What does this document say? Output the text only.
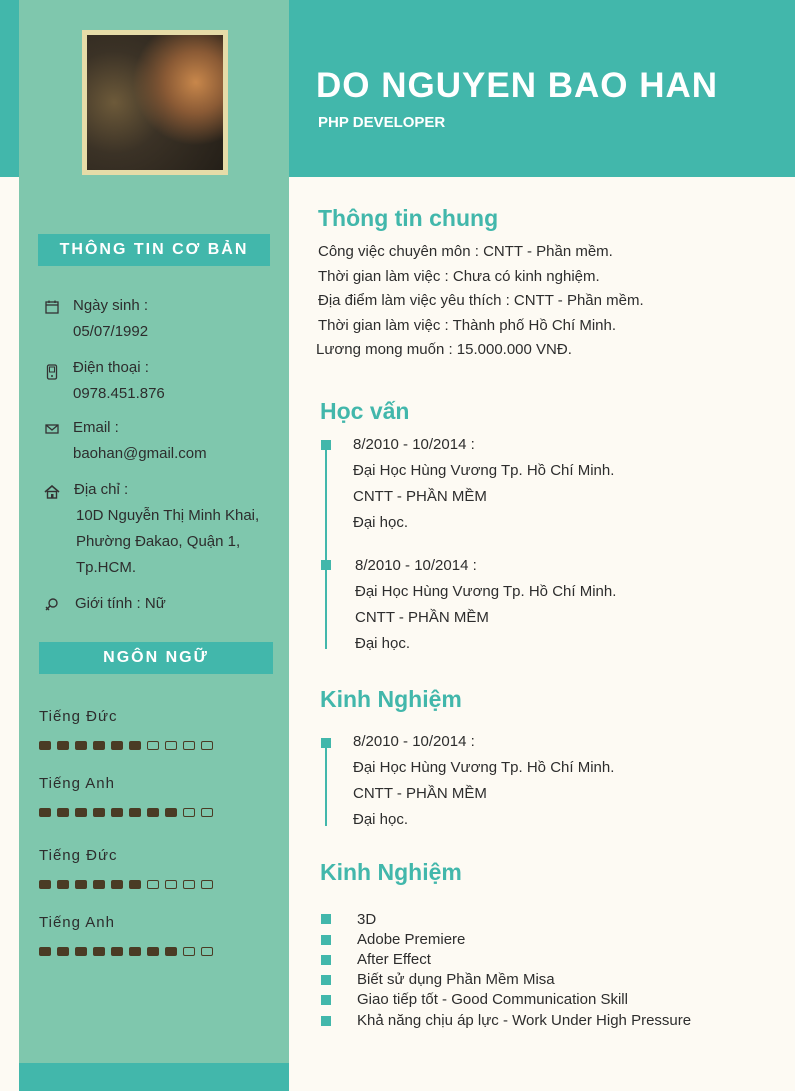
DO NGUYEN BAO HAN
PHP DEVELOPER
THÔNG TIN CƠ BẢN
Ngày sinh :
05/07/1992
Điện thoại :
0978.451.876
Email :
baohan@gmail.com
Địa chỉ :
10D Nguyễn Thị Minh Khai,
Phường Đakao, Quận 1,
Tp.HCM.
Giới tính : Nữ
NGÔN NGỮ
Tiếng Đức
Tiếng Anh
Tiếng Đức
Tiếng Anh
Thông tin chung
Công việc chuyên môn : CNTT - Phần mềm.
Thời gian làm việc : Chưa có kinh nghiệm.
Địa điểm làm việc yêu thích : CNTT - Phần mềm.
Thời gian làm việc : Thành phố Hồ Chí Minh.
Lương mong muốn : 15.000.000 VNĐ.
Học vấn
8/2010 - 10/2014 :
Đại Học Hùng Vương Tp. Hồ Chí Minh.
CNTT - PHẦN MỀM
Đại học.
8/2010 - 10/2014 :
Đại Học Hùng Vương Tp. Hồ Chí Minh.
CNTT - PHẦN MỀM
Đại học.
Kinh Nghiệm
8/2010 - 10/2014 :
Đại Học Hùng Vương Tp. Hồ Chí Minh.
CNTT - PHẦN MỀM
Đại học.
Kinh Nghiệm
3D
Adobe Premiere
After Effect
Biết sử dụng Phần Mềm Misa
Giao tiếp tốt - Good Communication Skill
Khả năng chịu áp lực - Work Under High Pressure
